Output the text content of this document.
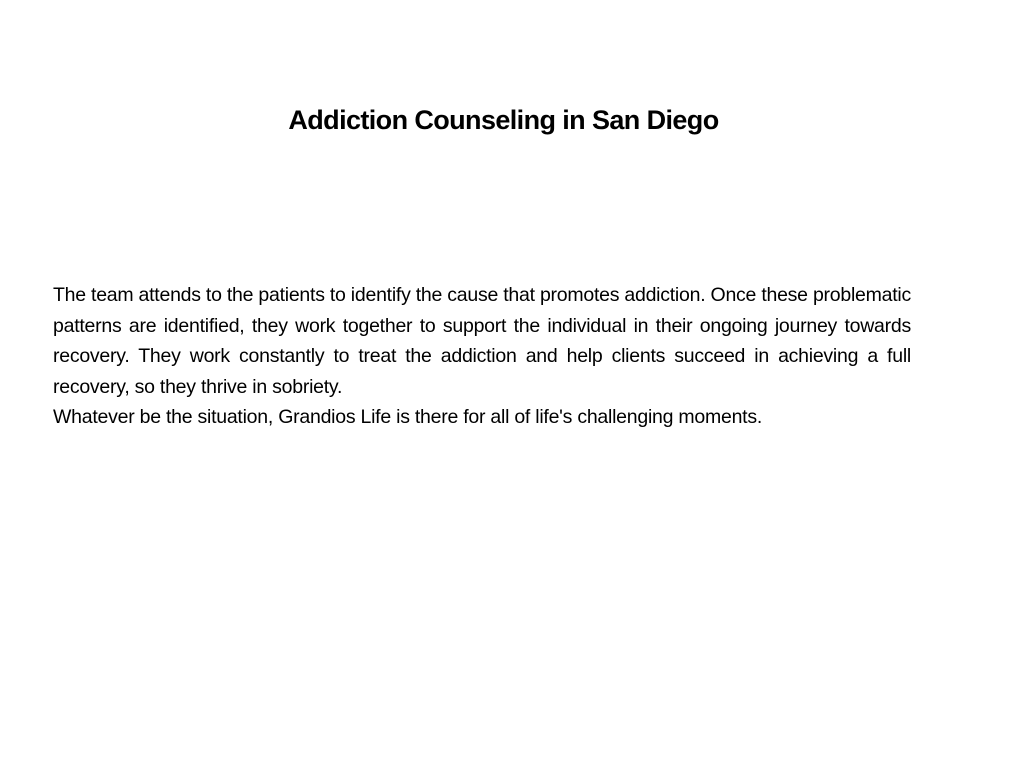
Addiction Counseling in San Diego

The team attends to the patients to identify the cause that promotes addiction. Once these problematic patterns are identified, they work together to support the individual in their ongoing journey towards recovery. They work constantly to treat the addiction and help clients succeed in achieving a full recovery, so they thrive in sobriety.

Whatever be the situation, Grandios Life is there for all of life's challenging moments.
